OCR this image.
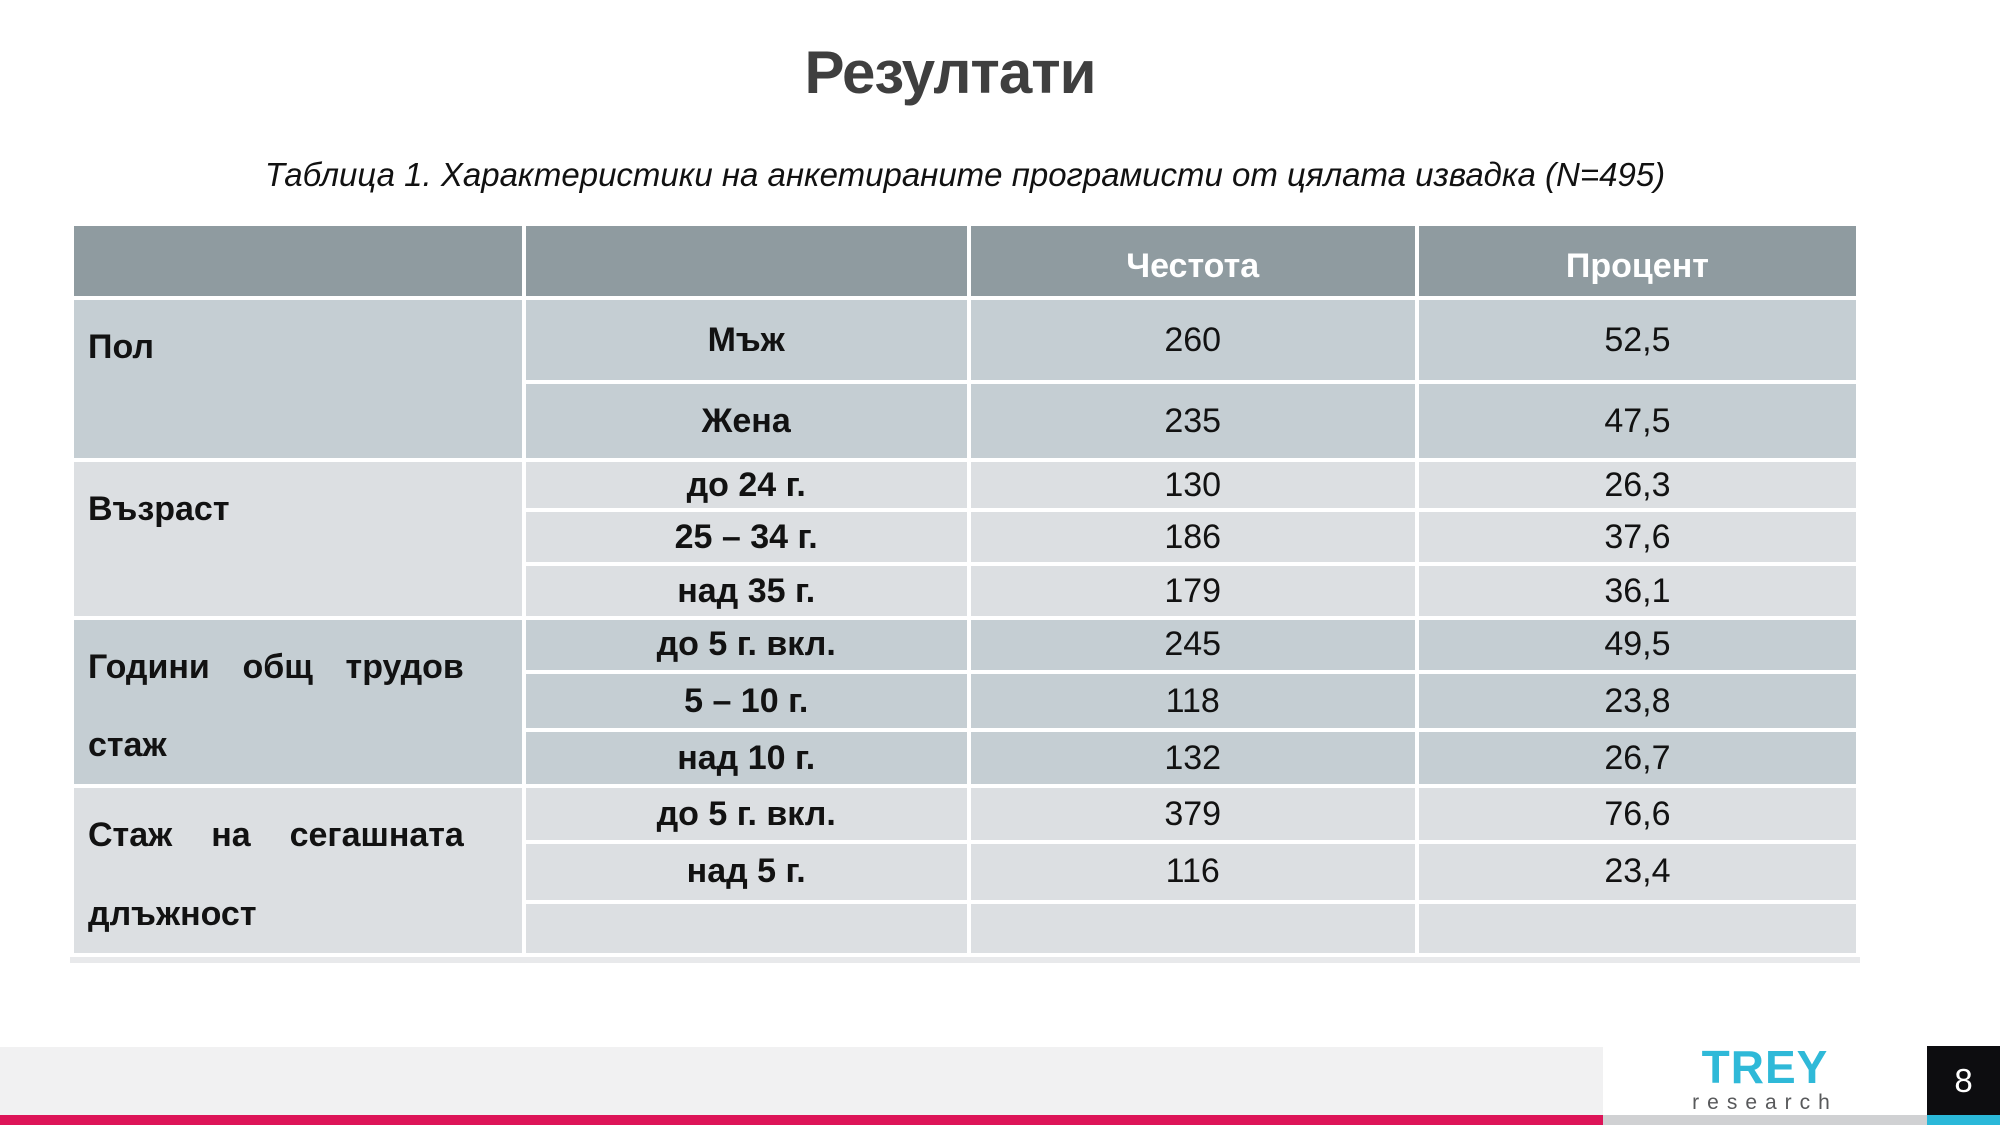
Резултати
Таблица 1. Характеристики на анкетираните програмисти от цялата извадка (N=495)
		Честота	Процент
Пол	Мъж	260	52,5
	Жена	235	47,5
Възраст	до 24 г.	130	26,3
	25 – 34 г.	186	37,6
	над 35 г.	179	36,1
Години общ трудов стаж	до 5 г. вкл.	245	49,5
	5 – 10 г.	118	23,8
	над 10 г.	132	26,7
Стаж на сегашната длъжност	до 5 г. вкл.	379	76,6
	над 5 г.	116	23,4

TREY
research
8
